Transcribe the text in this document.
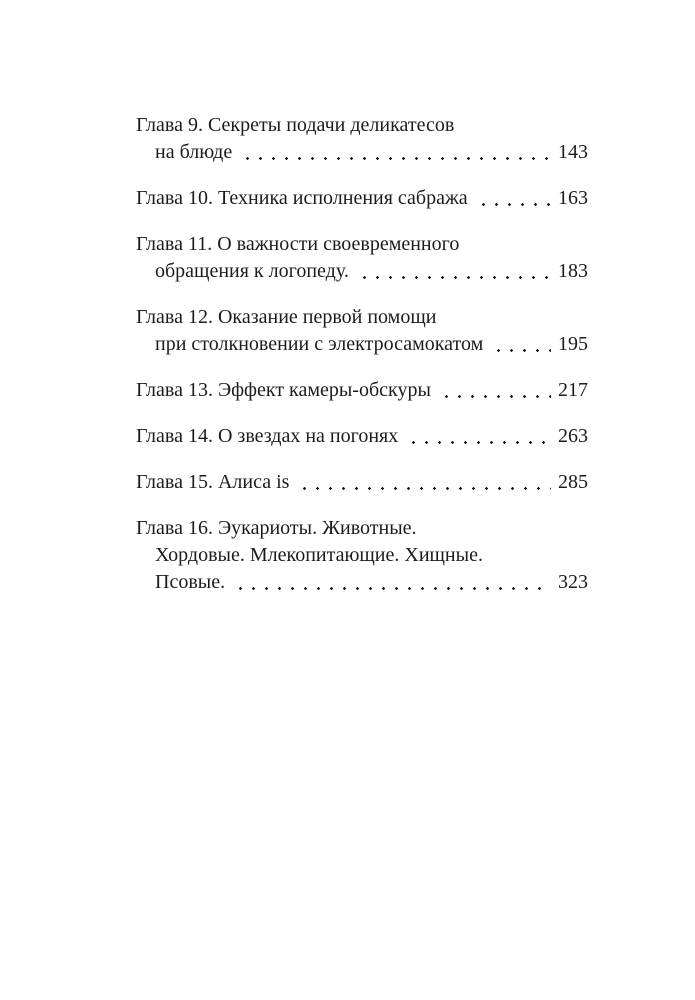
Глава 9. Секреты подачи деликатесов
на блюде	143
Глава 10. Техника исполнения сабража	163
Глава 11. О важности своевременного
обращения к логопеду.	183
Глава 12. Оказание первой помощи
при столкновении с электросамокатом	195
Глава 13. Эффект камеры-обскуры	217
Глава 14. О звездах на погонях	263
Глава 15. Алиса is	285
Глава 16. Эукариоты. Животные.
Хордовые. Млекопитающие. Хищные.
Псовые.	323
